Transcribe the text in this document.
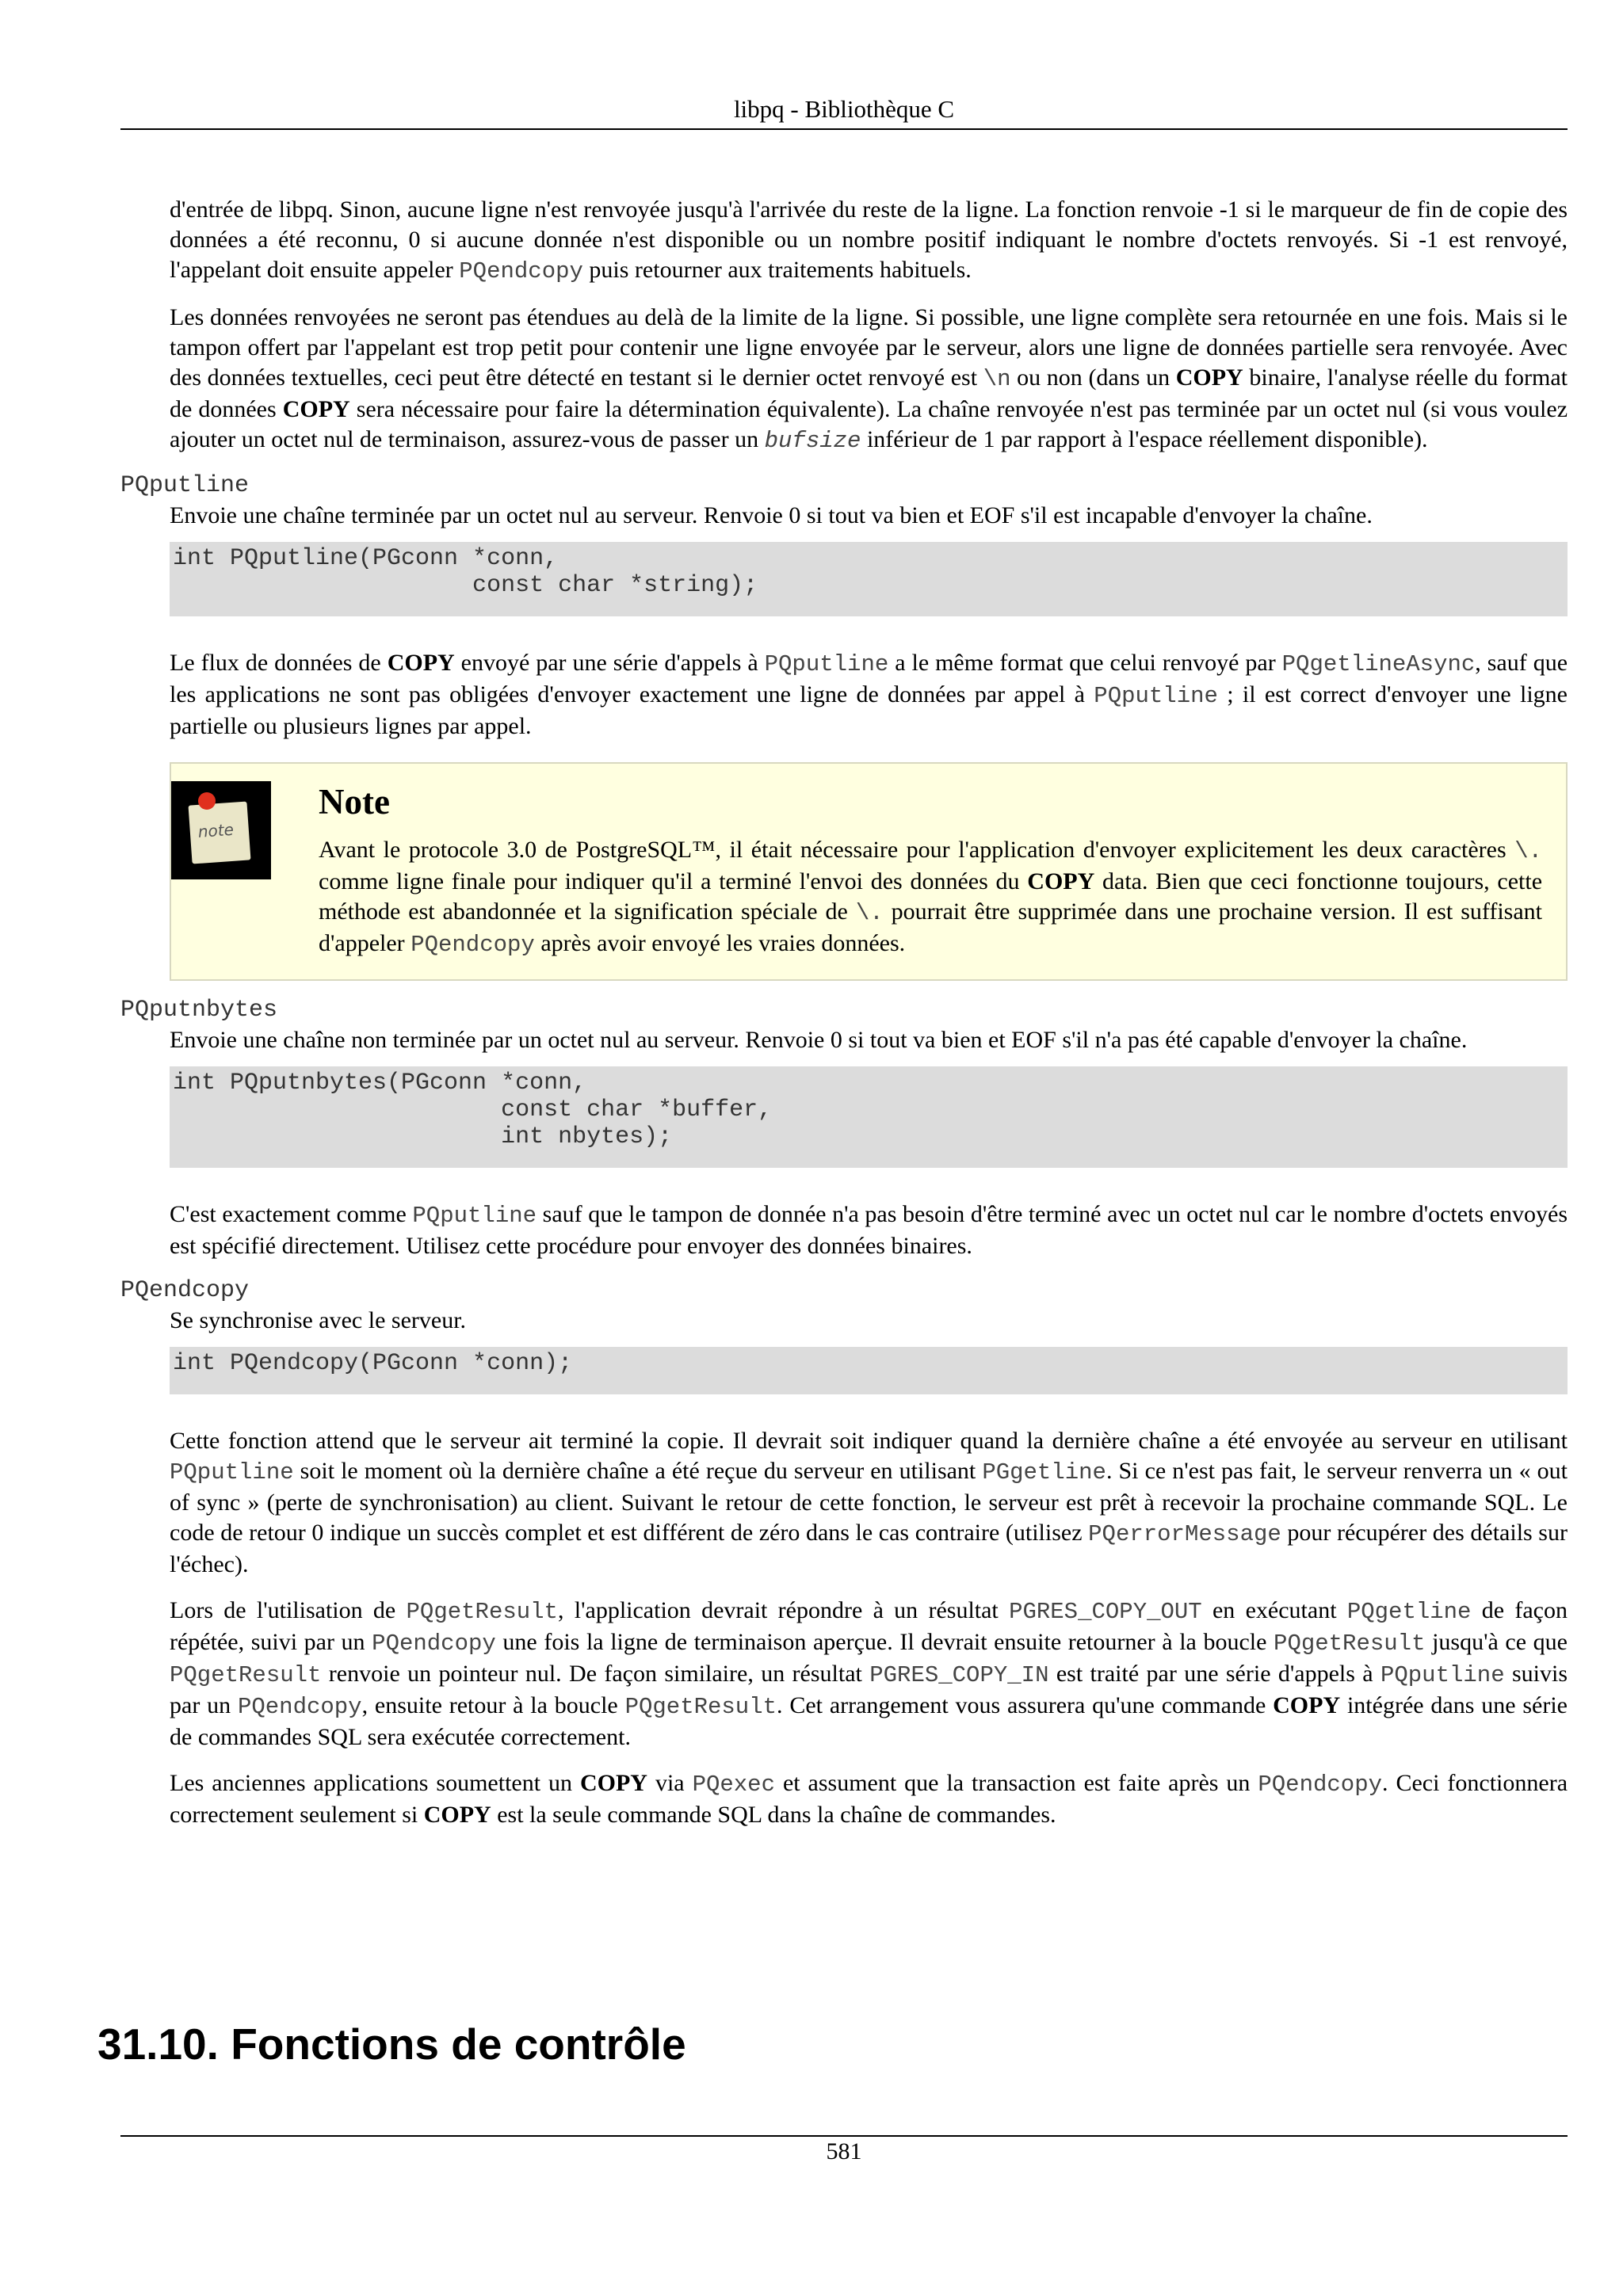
libpq - Bibliothèque C

d'entrée de libpq. Sinon, aucune ligne n'est renvoyée jusqu'à l'arrivée du reste de la ligne. La fonction renvoie -1 si le marqueur de fin de copie des données a été reconnu, 0 si aucune donnée n'est disponible ou un nombre positif indiquant le nombre d'octets renvoyés. Si -1 est renvoyé, l'appelant doit ensuite appeler PQendcopy puis retourner aux traitements habituels.

Les données renvoyées ne seront pas étendues au delà de la limite de la ligne. Si possible, une ligne complète sera retournée en une fois. Mais si le tampon offert par l'appelant est trop petit pour contenir une ligne envoyée par le serveur, alors une ligne de données partielle sera renvoyée. Avec des données textuelles, ceci peut être détecté en testant si le dernier octet renvoyé est \n ou non (dans un COPY binaire, l'analyse réelle du format de données COPY sera nécessaire pour faire la détermination équivalente). La chaîne renvoyée n'est pas terminée par un octet nul (si vous voulez ajouter un octet nul de terminaison, assurez-vous de passer un bufsize inférieur de 1 par rapport à l'espace réellement disponible).

PQputline

Envoie une chaîne terminée par un octet nul au serveur. Renvoie 0 si tout va bien et EOF s'il est incapable d'envoyer la chaîne.

int PQputline(PGconn *conn,
const char *string);

Le flux de données de COPY envoyé par une série d'appels à PQputline a le même format que celui renvoyé par PQgetlineAsync, sauf que les applications ne sont pas obligées d'envoyer exactement une ligne de données par appel à PQputline ; il est correct d'envoyer une ligne partielle ou plusieurs lignes par appel.

note
Note

Avant le protocole 3.0 de PostgreSQL™, il était nécessaire pour l'application d'envoyer explicitement les deux caractères \. comme ligne finale pour indiquer qu'il a terminé l'envoi des données du COPY data. Bien que ceci fonctionne toujours, cette méthode est abandonnée et la signification spéciale de \. pourrait être supprimée dans une prochaine version. Il est suffisant d'appeler PQendcopy après avoir envoyé les vraies données.

PQputnbytes

Envoie une chaîne non terminée par un octet nul au serveur. Renvoie 0 si tout va bien et EOF s'il n'a pas été capable d'envoyer la chaîne.

int PQputnbytes(PGconn *conn,
const char *buffer,
int nbytes);

C'est exactement comme PQputline sauf que le tampon de donnée n'a pas besoin d'être terminé avec un octet nul car le nombre d'octets envoyés est spécifié directement. Utilisez cette procédure pour envoyer des données binaires.

PQendcopy

Se synchronise avec le serveur.

int PQendcopy(PGconn *conn);

Cette fonction attend que le serveur ait terminé la copie. Il devrait soit indiquer quand la dernière chaîne a été envoyée au serveur en utilisant PQputline soit le moment où la dernière chaîne a été reçue du serveur en utilisant PGgetline. Si ce n'est pas fait, le serveur renverra un « out of sync » (perte de synchronisation) au client. Suivant le retour de cette fonction, le serveur est prêt à recevoir la prochaine commande SQL. Le code de retour 0 indique un succès complet et est différent de zéro dans le cas contraire (utilisez PQerrorMessage pour récupérer des détails sur l'échec).

Lors de l'utilisation de PQgetResult, l'application devrait répondre à un résultat PGRES_COPY_OUT en exécutant PQgetline de façon répétée, suivi par un PQendcopy une fois la ligne de terminaison aperçue. Il devrait ensuite retourner à la boucle PQgetResult jusqu'à ce que PQgetResult renvoie un pointeur nul. De façon similaire, un résultat PGRES_COPY_IN est traité par une série d'appels à PQputline suivis par un PQendcopy, ensuite retour à la boucle PQgetResult. Cet arrangement vous assurera qu'une commande COPY intégrée dans une série de commandes SQL sera exécutée correctement.

Les anciennes applications soumettent un COPY via PQexec et assument que la transaction est faite après un PQendcopy. Ceci fonctionnera correctement seulement si COPY est la seule commande SQL dans la chaîne de commandes.

31.10. Fonctions de contrôle
581
